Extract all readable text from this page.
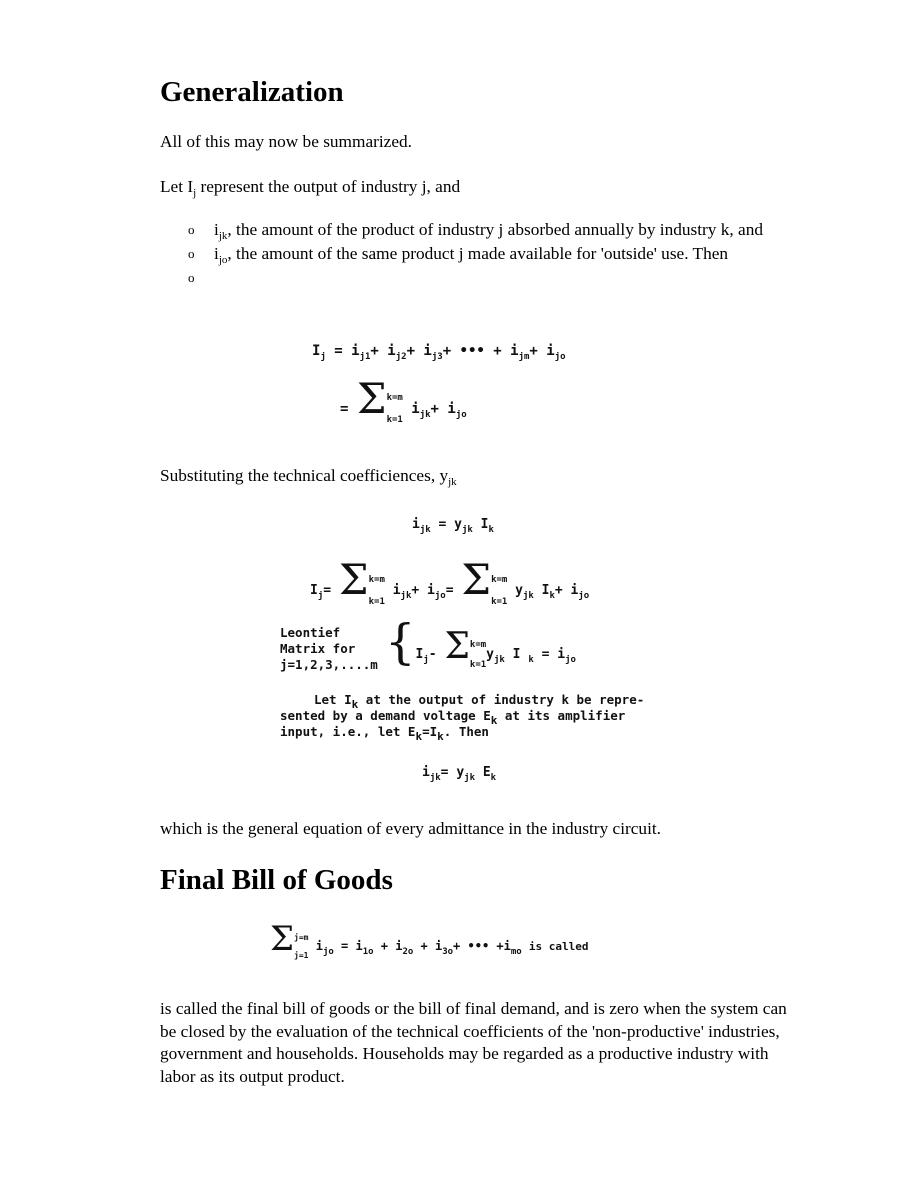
Generalization

All of this may now be summarized.

Let $I_j$ represent the output of industry j, and

o $i_{jk}$, the amount of the product of industry j absorbed annually by industry k, and
o $i_{jo}$, the amount of the same product j made available for 'outside' use. Then
o
$I_j = i_{j1}+ i_{j2}+ i_{j3}+$ ••• + $i_{jm}+ i_{jo}$
= Σk=m
k=1 $i_{jk}+ i_{jo}$

Substituting the technical coefficiences, $y_{jk}$

$i_{jk} = y_{jk}$ $I_k$
$I_j= \Sigma k=m$
k=1 $i_{jk}+ i_{jo}= \Sigma k=m$
k=1 $y_{jk}$ $I_k+ i_{jo}$
Leontief
Matrix for
j=1,2,3,....m {$I_j-$ Σk=m
$k=1y_{jk}$ I $_k = i_{jo}$
Let $I_k$ at the output of industry k be repre-
sented by a demand voltage $E_k$ at its amplifier
input, i.e., let $E_k=I_k$. Then
$i_{jk}= y_{jk}$ $E_k$

which is the general equation of every admittance in the industry circuit.

Final Bill of Goods
Σj=m
j=1 $i_{jo} = i_{1o} + i_{2o} + i_{3o}+$ ••• $+i_{mo}$ is called

is called the final bill of goods or the bill of final demand, and is zero when the system can be closed by the evaluation of the technical coefficients of the 'non-productive' industries, government and households. Households may be regarded as a productive industry with labor as its output product.
